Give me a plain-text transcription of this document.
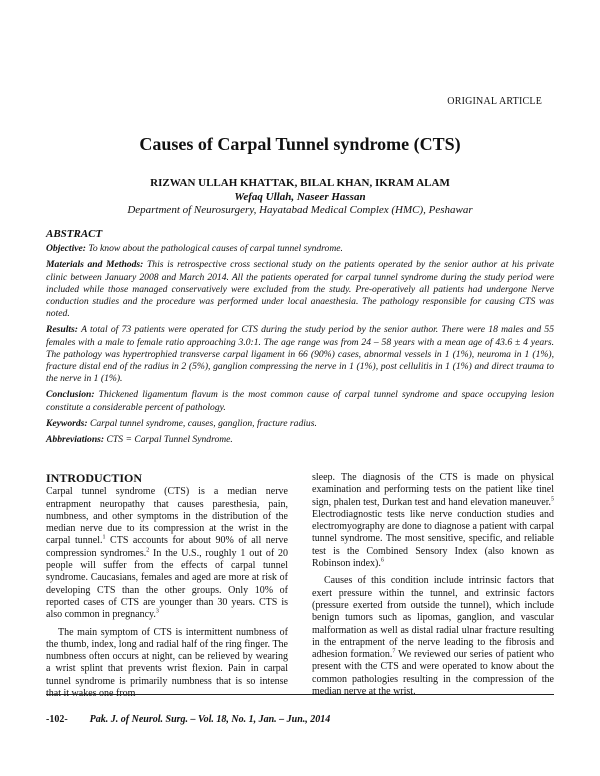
ORIGINAL ARTICLE
Causes of Carpal Tunnel syndrome (CTS)
RIZWAN ULLAH KHATTAK, BILAL KHAN, IKRAM ALAM
Wefaq Ullah, Naseer Hassan
Department of Neurosurgery, Hayatabad Medical Complex (HMC), Peshawar
ABSTRACT

Objective: To know about the pathological causes of carpal tunnel syndrome.

Materials and Methods: This is retrospective cross sectional study on the patients operated by the senior author at his private clinic between January 2008 and March 2014. All the patients operated for carpal tunnel syndrome during the study period were included while those managed conservatively were excluded from the study. Pre-operatively all patients had undergone Nerve conduction studies and the procedure was performed under local anaesthesia. The pathology responsible for causing CTS was noted.

Results: A total of 73 patients were operated for CTS during the study period by the senior author. There were 18 males and 55 females with a male to female ratio approaching 3.0:1. The age range was from 24 – 58 years with a mean age of 43.6 ± 4 years. The pathology was hypertrophied transverse carpal ligament in 66 (90%) cases, abnormal vessels in 1 (1%), neuroma in 1 (1%), fracture distal end of the radius in 2 (5%), ganglion compressing the nerve in 1 (1%), post cellulitis in 1 (1%) and direct trauma to the nerve in 1 (1%).

Conclusion: Thickened ligamentum flavum is the most common cause of carpal tunnel syndrome and space occupying lesion constitute a considerable percent of pathology.

Keywords: Carpal tunnel syndrome, causes, ganglion, fracture radius.

Abbreviations: CTS = Carpal Tunnel Syndrome.

INTRODUCTION

Carpal tunnel syndrome (CTS) is a median nerve entrapment neuropathy that causes paresthesia, pain, numbness, and other symptoms in the distribution of the median nerve due to its compression at the wrist in the carpal tunnel.$^1$ CTS accounts for about 90% of all nerve compression syndromes.$^2$ In the U.S., roughly 1 out of 20 people will suffer from the effects of carpal tunnel syndrome. Caucasians, females and aged are more at risk of developing CTS than the other groups. Only 10% of reported cases of CTS are younger than 30 years. CTS is also common in pregnancy.$^3$

The main symptom of CTS is intermittent numbness of the thumb, index, long and radial half of the ring finger. The numbness often occurs at night, can be relieved by wearing a wrist splint that prevents wrist flexion. Pain in carpal tunnel syndrome is primarily numbness that is so intense that it wakes one from

sleep. The diagnosis of the CTS is made on physical examination and performing tests on the patient like tinel sign, phalen test, Durkan test and hand elevation maneuver.$^5$ Electrodiagnostic tests like nerve conduction studies and electromyography are done to diagnose a patient with carpal tunnel syndrome. The most sensitive, specific, and reliable test is the Combined Sensory Index (also known as Robinson index).$^6$

Causes of this condition include intrinsic factors that exert pressure within the tunnel, and extrinsic factors (pressure exerted from outside the tunnel), which include benign tumors such as lipomas, ganglion, and vascular malformation as well as distal radial ulnar fracture resulting in the entrapment of the nerve leading to the fibrosis and adhesion formation.$^7$ We reviewed our series of patient who present with the CTS and were operated to know about the common pathologies resulting in the compression of the median nerve at the wrist.

-102- Pak. J. of Neurol. Surg. – Vol. 18, No. 1, Jan. – Jun., 2014
